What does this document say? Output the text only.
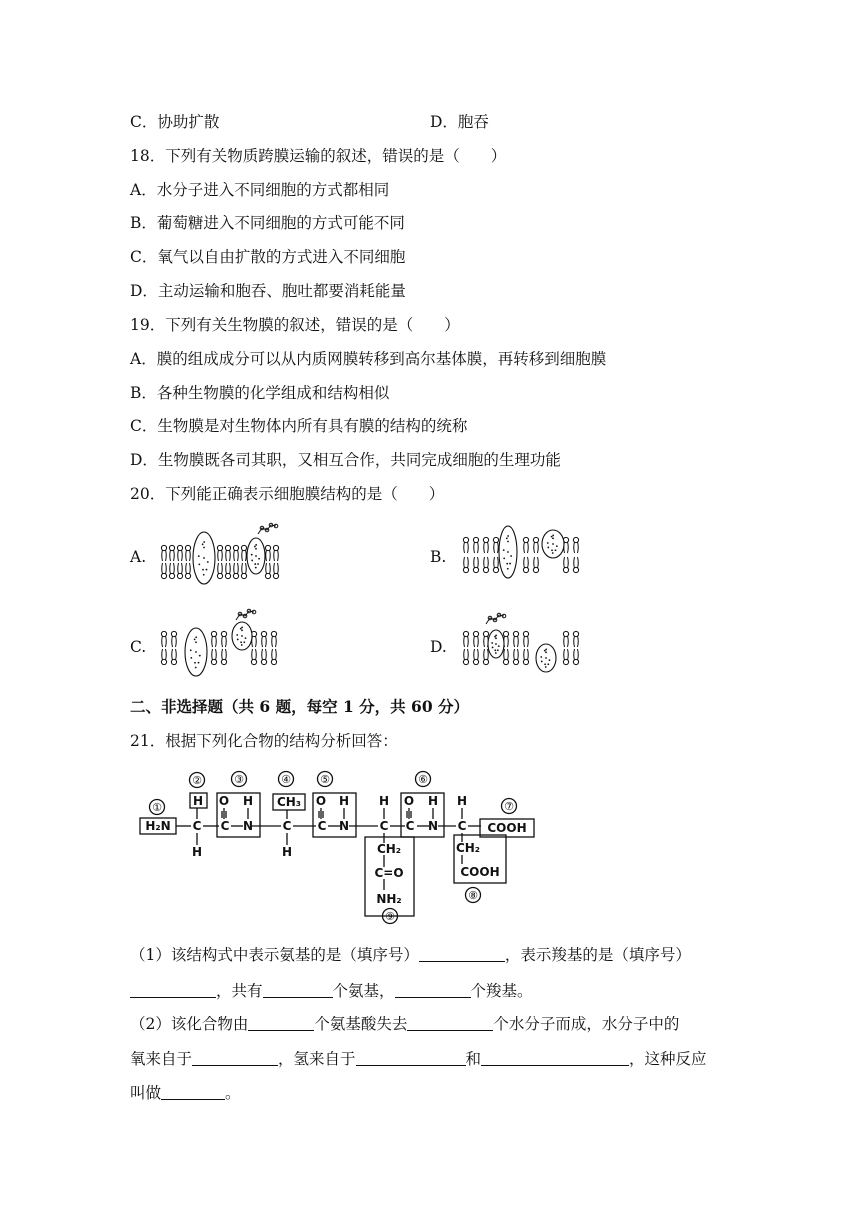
C．协助扩散	D．胞吞
18．下列有关物质跨膜运输的叙述，错误的是（　　）
A．水分子进入不同细胞的方式都相同
B．葡萄糖进入不同细胞的方式可能不同
C．氧气以自由扩散的方式进入不同细胞
D．主动运输和胞吞、胞吐都要消耗能量
19．下列有关生物膜的叙述，错误的是（　　）
A．膜的组成成分可以从内质网膜转移到高尔基体膜，再转移到细胞膜
B．各种生物膜的化学组成和结构相似
C．生物膜是对生物体内所有具有膜的结构的统称
D．生物膜既各司其职，又相互合作，共同完成细胞的生理功能
20．下列能正确表示细胞膜结构的是（　　）
A.	B.
C.	D.
二、非选择题（共 6 题，每空 1 分，共 60 分）
21．根据下列化合物的结构分析回答：
①
②	③	④	⑤	⑥
⑦
⑧
⑨
H₂N
H
C
H
O H
C N
CH₃
C
H
O H
C N
H
C
CH₂
C=O
NH₂
O H
C N
H
C COOH
CH₂
COOH
（1）该结构式中表示氨基的是（填序号）	，表示羧基的是（填序号）
，共有	个氨基，	个羧基。
（2）该化合物由	个氨基酸失去	个水分子而成，水分子中的
氧来自于	，氢来自于	和	，这种反应
叫做	。
